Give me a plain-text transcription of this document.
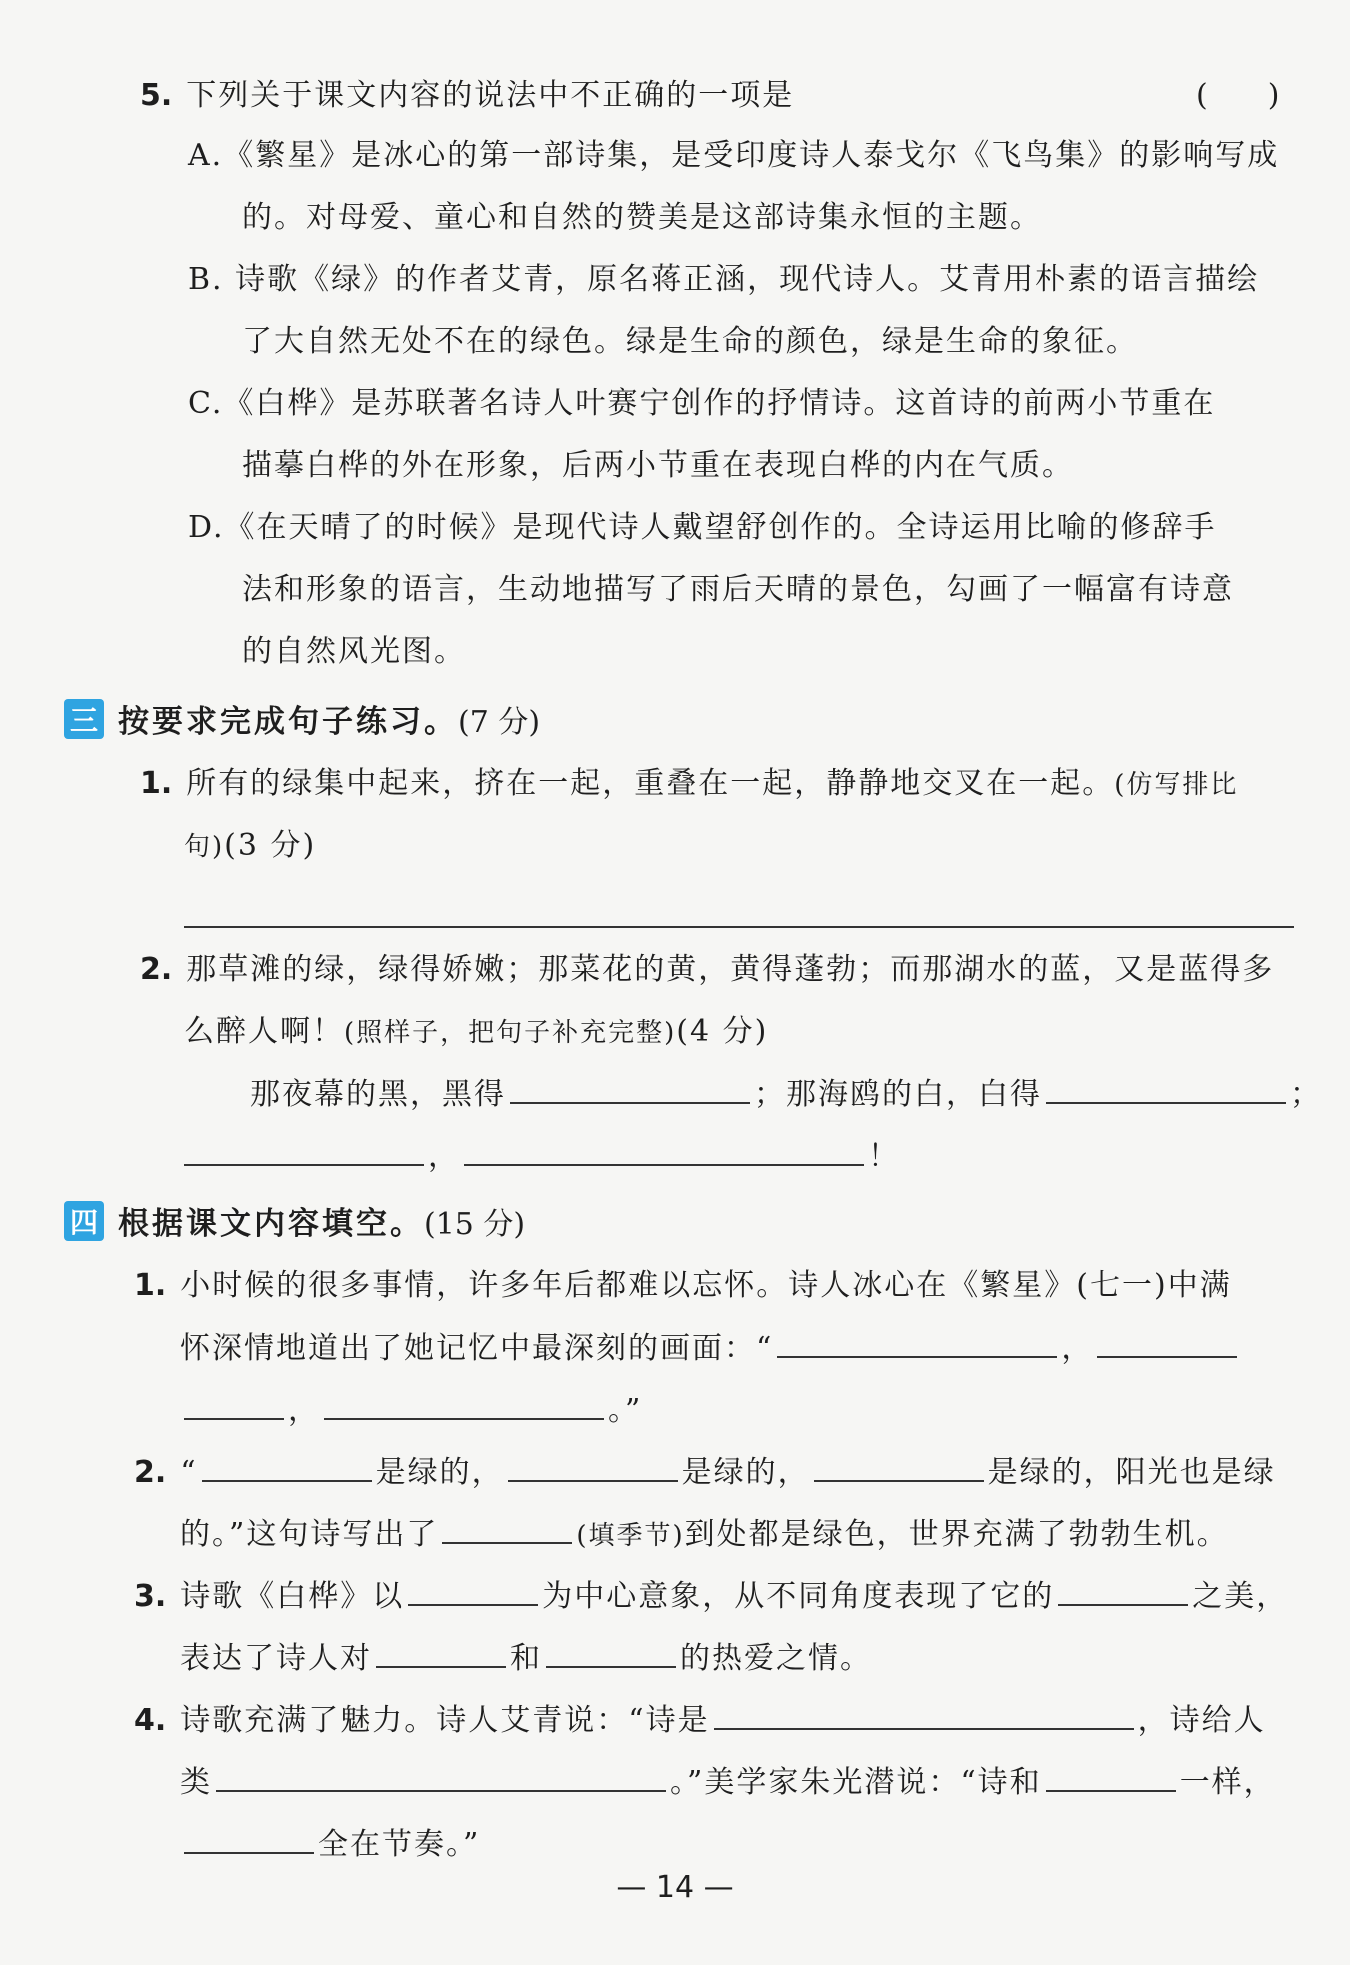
5. 下列关于课文内容的说法中不正确的一项是	(　　)
A.《繁星》是冰心的第一部诗集，是受印度诗人泰戈尔《飞鸟集》的影响写成
的。对母爱、童心和自然的赞美是这部诗集永恒的主题。
B. 诗歌《绿》的作者艾青，原名蒋正涵，现代诗人。艾青用朴素的语言描绘
了大自然无处不在的绿色。绿是生命的颜色，绿是生命的象征。
C.《白桦》是苏联著名诗人叶赛宁创作的抒情诗。这首诗的前两小节重在
描摹白桦的外在形象，后两小节重在表现白桦的内在气质。
D.《在天晴了的时候》是现代诗人戴望舒创作的。全诗运用比喻的修辞手
法和形象的语言，生动地描写了雨后天晴的景色，勾画了一幅富有诗意
的自然风光图。
三 按要求完成句子练习。 (7 分)
1. 所有的绿集中起来，挤在一起，重叠在一起，静静地交叉在一起。(仿写排比
句)(3 分)
2. 那草滩的绿，绿得娇嫩；那菜花的黄，黄得蓬勃；而那湖水的蓝，又是蓝得多
么醉人啊！(照样子，把句子补充完整)(4 分)
那夜幕的黑，黑得	；那海鸥的白，白得	；
，	！
四 根据课文内容填空。 (15 分)
1. 小时候的很多事情，许多年后都难以忘怀。诗人冰心在《繁星》(七一)中满
怀深情地道出了她记忆中最深刻的画面：“	，
，	。”
2. “	是绿的，	是绿的，	是绿的，阳光也是绿
的。”这句诗写出了	(填季节)到处都是绿色，世界充满了勃勃生机。
3. 诗歌《白桦》以	为中心意象，从不同角度表现了它的	之美，
表达了诗人对	和	的热爱之情。
4. 诗歌充满了魅力。诗人艾青说：“诗是	，诗给人
类	。”美学家朱光潜说：“诗和	一样，
全在节奏。”
— 14 —
